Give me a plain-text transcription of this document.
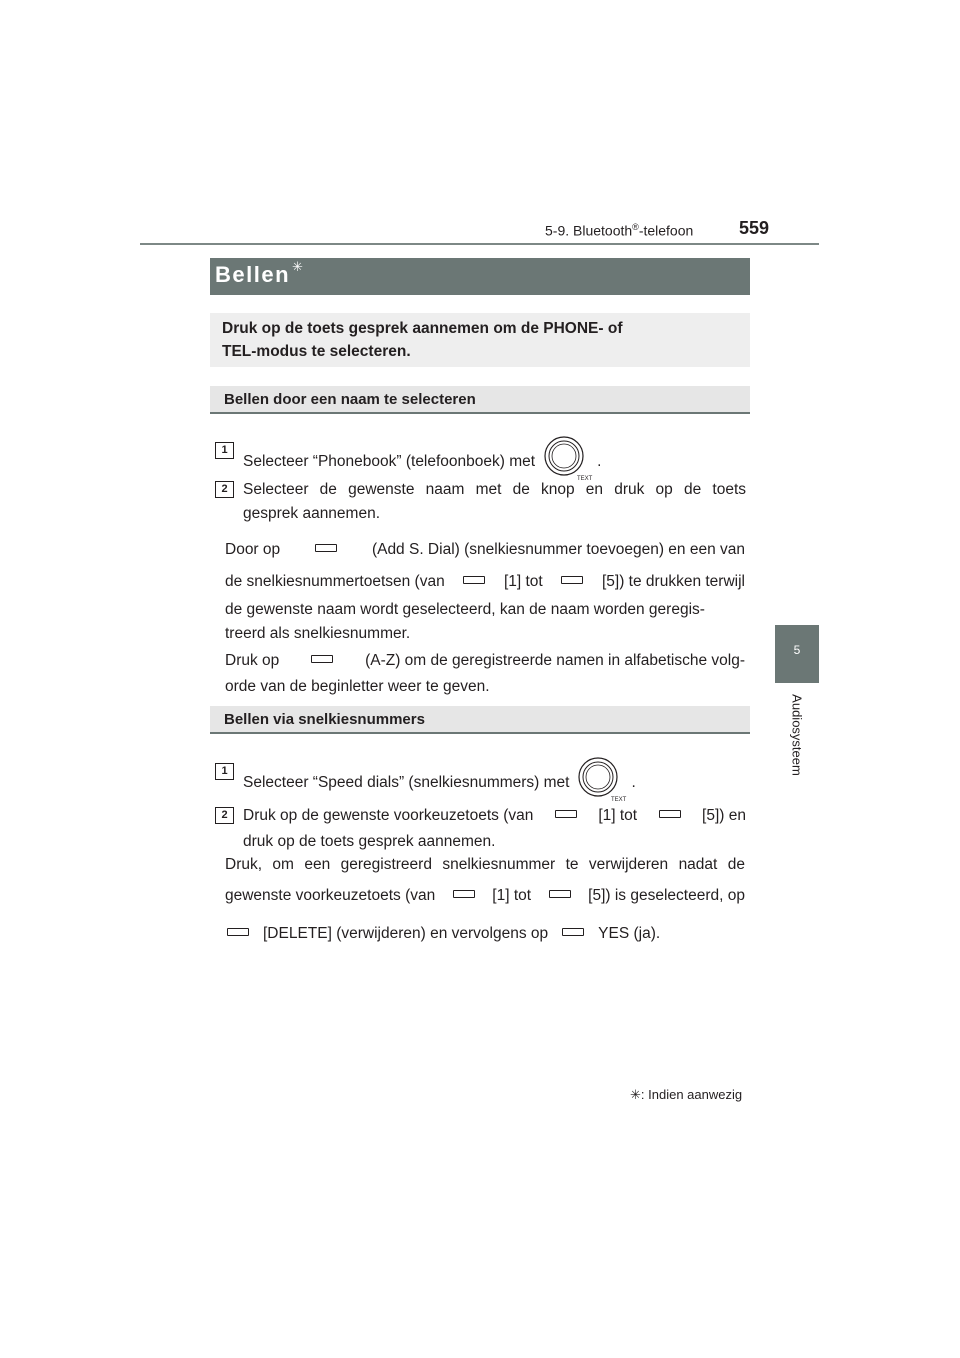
5-9. Bluetooth®-telefoon	559
5
Audiosysteem
Bellen ✳
Druk op de toets gesprek aannemen om de PHONE- of
TEL-modus te selecteren.
Bellen door een naam te selecteren
1
Selecteer “Phonebook” (telefoonboek) met
TEXT
.
2 Selecteer de gewenste naam met de knop en druk op de toets
gesprek aannemen.
Door op	(Add S. Dial) (snelkiesnummer toevoegen) en een van
de snelkiesnummertoetsen (van	[1] tot	[5]) te drukken terwijl
de gewenste naam wordt geselecteerd, kan de naam worden geregis-
treerd als snelkiesnummer.
Druk op	(A-Z) om de geregistreerde namen in alfabetische volg-
orde van de beginletter weer te geven.
Bellen via snelkiesnummers
1
Selecteer “Speed dials” (snelkiesnummers) met
TEXT
.
2 Druk op de gewenste voorkeuzetoets (van	[1] tot	[5]) en
druk op de toets gesprek aannemen.
Druk, om een geregistreerd snelkiesnummer te verwijderen nadat de
gewenste voorkeuzetoets (van	[1] tot	[5]) is geselecteerd, op
[DELETE] (verwijderen) en vervolgens op	YES (ja).
✳: Indien aanwezig
